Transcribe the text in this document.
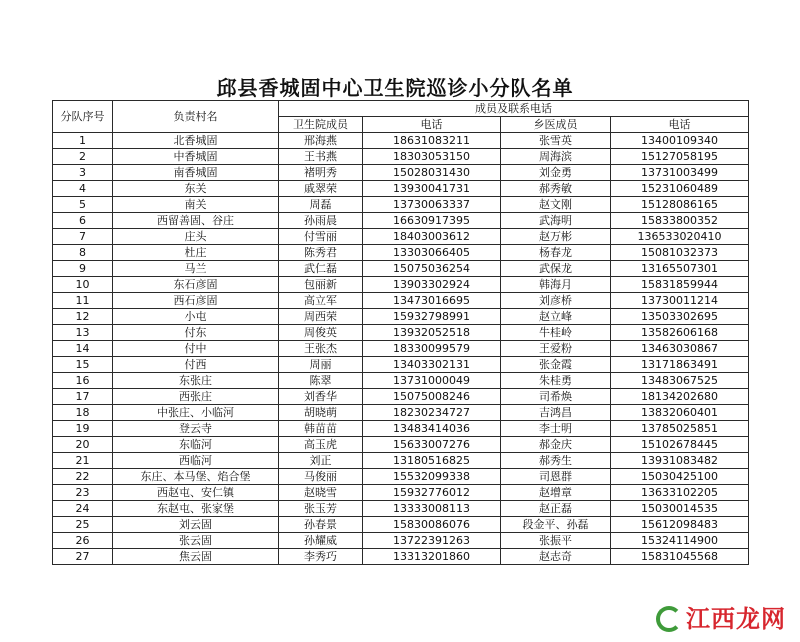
邱县香城固中心卫生院巡诊小分队名单
分队序号	负责村名	成员及联系电话			
		卫生院成员	电话	乡医成员	电话
1	北香城固	邢海燕	18631083211	张雪英	13400109340
2	中香城固	王书燕	18303053150	周海滨	15127058195
3	南香城固	褚明秀	15028031430	刘金勇	13731003499
4	东关	戚翠荣	13930041731	郝秀敏	15231060489
5	南关	周磊	13730063337	赵文刚	15128086165
6	西留善固、谷庄	孙雨晨	16630917395	武海明	15833800352
7	庄头	付雪丽	18403003612	赵万彬	136533020410
8	杜庄	陈秀君	13303066405	杨春龙	15081032373
9	马兰	武仁磊	15075036254	武保龙	13165507301
10	东石彦固	包丽新	13903302924	韩海月	15831859944
11	西石彦固	高立军	13473016695	刘彦桥	13730011214
12	小屯	周西荣	15932798991	赵立峰	13503302695
13	付东	周俊英	13932052518	牛桂岭	13582606168
14	付中	王张杰	18330099579	王爱粉	13463030867
15	付西	周丽	13403302131	张金霞	13171863491
16	东张庄	陈翠	13731000049	朱桂勇	13483067525
17	西张庄	刘香华	15075008246	司希焕	18134202680
18	中张庄、小临河	胡晓萌	18230234727	吉鸿昌	13832060401
19	登云寺	韩苗苗	13483414036	李士明	13785025851
20	东临河	高玉虎	15633007276	郝金庆	15102678445
21	西临河	刘正	13180516825	郝秀生	13931083482
22	东庄、本马堡、焰合堡	马俊丽	15532099338	司恩群	15030425100
23	西赵屯、安仁镇	赵晓雪	15932776012	赵增章	13633102205
24	东赵屯、张家堡	张玉芳	13333008113	赵正磊	15030014535
25	刘云固	孙春景	15830086076	段金平、孙磊	15612098483
26	张云固	孙耀威	13722391263	张振平	15324114900
27	焦云固	李秀巧	13313201860	赵志奇	15831045568
江西龙网
